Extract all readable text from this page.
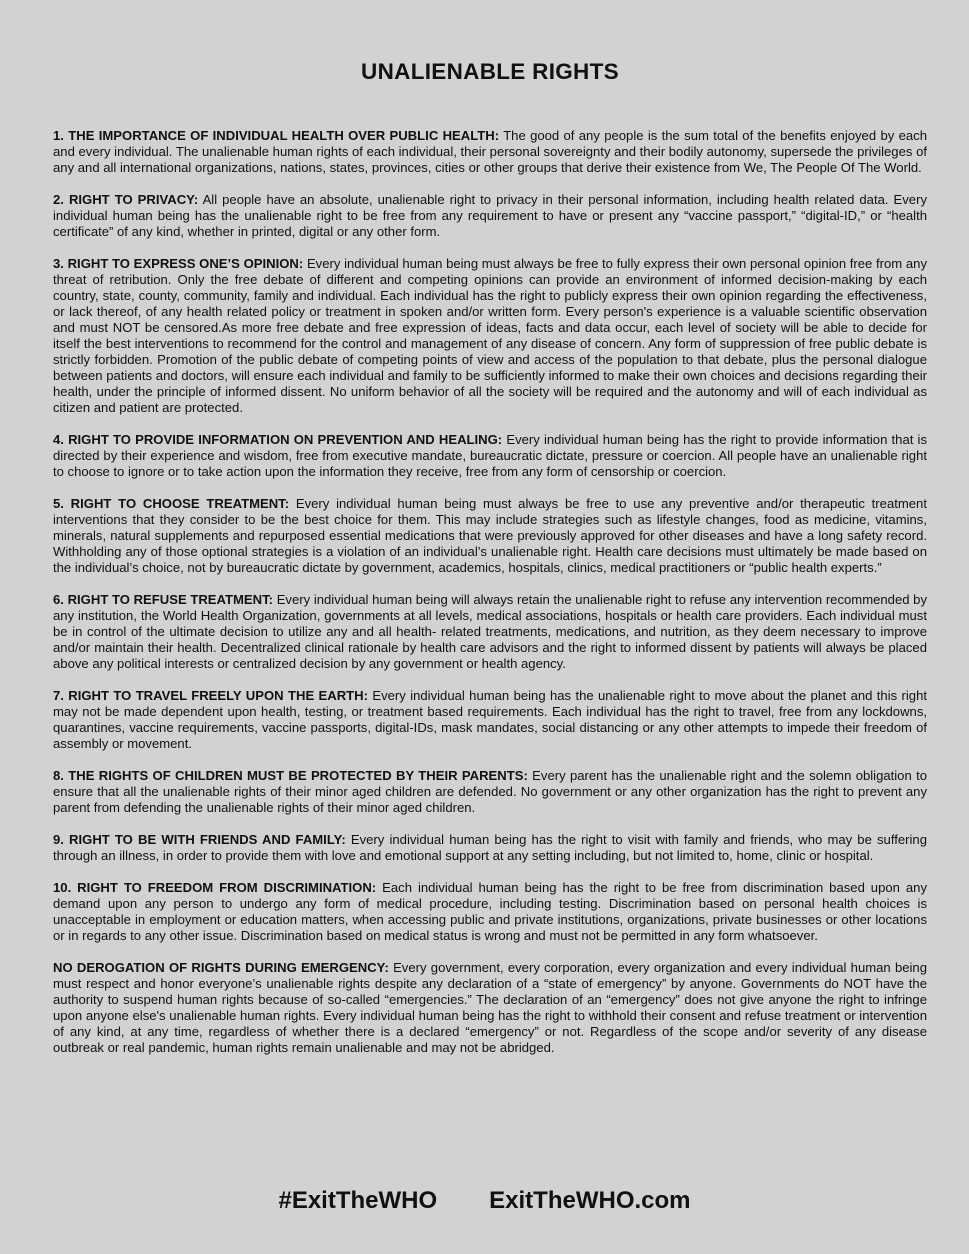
UNALIENABLE RIGHTS

1. THE IMPORTANCE OF INDIVIDUAL HEALTH OVER PUBLIC HEALTH: The good of any people is the sum total of the benefits enjoyed by each and every individual. The unalienable human rights of each individual, their personal sovereignty and their bodily autonomy, supersede the privileges of any and all international organizations, nations, states, provinces, cities or other groups that derive their existence from We, The People Of The World.

2. RIGHT TO PRIVACY: All people have an absolute, unalienable right to privacy in their personal information, including health related data. Every individual human being has the unalienable right to be free from any requirement to have or present any “vaccine passport,” “digital-ID,” or “health certificate” of any kind, whether in printed, digital or any other form.

3. RIGHT TO EXPRESS ONE’S OPINION: Every individual human being must always be free to fully express their own personal opinion free from any threat of retribution. Only the free debate of different and competing opinions can provide an environment of informed decision-making by each country, state, county, community, family and individual. Each individual has the right to publicly express their own opinion regarding the effectiveness, or lack thereof, of any health related policy or treatment in spoken and/or written form. Every person's experience is a valuable scientific observation and must NOT be censored.As more free debate and free expression of ideas, facts and data occur, each level of society will be able to decide for itself the best interventions to recommend for the control and management of any disease of concern. Any form of suppression of free public debate is strictly forbidden. Promotion of the public debate of competing points of view and access of the population to that debate, plus the personal dialogue between patients and doctors, will ensure each individual and family to be sufficiently informed to make their own choices and decisions regarding their health, under the principle of informed dissent. No uniform behavior of all the society will be required and the autonomy and will of each individual as citizen and patient are protected.

4. RIGHT TO PROVIDE INFORMATION ON PREVENTION AND HEALING: Every individual human being has the right to provide information that is directed by their experience and wisdom, free from executive mandate, bureaucratic dictate, pressure or coercion. All people have an unalienable right to choose to ignore or to take action upon the information they receive, free from any form of censorship or coercion.

5. RIGHT TO CHOOSE TREATMENT: Every individual human being must always be free to use any preventive and/or therapeutic treatment interventions that they consider to be the best choice for them. This may include strategies such as lifestyle changes, food as medicine, vitamins, minerals, natural supplements and repurposed essential medications that were previously approved for other diseases and have a long safety record. Withholding any of those optional strategies is a violation of an individual’s unalienable right. Health care decisions must ultimately be made based on the individual’s choice, not by bureaucratic dictate by government, academics, hospitals, clinics, medical practitioners or “public health experts.”

6. RIGHT TO REFUSE TREATMENT: Every individual human being will always retain the unalienable right to refuse any intervention recommended by any institution, the World Health Organization, governments at all levels, medical associations, hospitals or health care providers. Each individual must be in control of the ultimate decision to utilize any and all health- related treatments, medications, and nutrition, as they deem necessary to improve and/or maintain their health. Decentralized clinical rationale by health care advisors and the right to informed dissent by patients will always be placed above any political interests or centralized decision by any government or health agency.

7. RIGHT TO TRAVEL FREELY UPON THE EARTH: Every individual human being has the unalienable right to move about the planet and this right may not be made dependent upon health, testing, or treatment based requirements. Each individual has the right to travel, free from any lockdowns, quarantines, vaccine requirements, vaccine passports, digital-IDs, mask mandates, social distancing or any other attempts to impede their freedom of assembly or movement.

8. THE RIGHTS OF CHILDREN MUST BE PROTECTED BY THEIR PARENTS: Every parent has the unalienable right and the solemn obligation to ensure that all the unalienable rights of their minor aged children are defended. No government or any other organization has the right to prevent any parent from defending the unalienable rights of their minor aged children.

9. RIGHT TO BE WITH FRIENDS AND FAMILY: Every individual human being has the right to visit with family and friends, who may be suffering through an illness, in order to provide them with love and emotional support at any setting including, but not limited to, home, clinic or hospital.

10. RIGHT TO FREEDOM FROM DISCRIMINATION: Each individual human being has the right to be free from discrimination based upon any demand upon any person to undergo any form of medical procedure, including testing. Discrimination based on personal health choices is unacceptable in employment or education matters, when accessing public and private institutions, organizations, private businesses or other locations or in regards to any other issue. Discrimination based on medical status is wrong and must not be permitted in any form whatsoever.

NO DEROGATION OF RIGHTS DURING EMERGENCY: Every government, every corporation, every organization and every individual human being must respect and honor everyone’s unalienable rights despite any declaration of a “state of emergency” by anyone. Governments do NOT have the authority to suspend human rights because of so-called “emergencies.” The declaration of an “emergency” does not give anyone the right to infringe upon anyone else's unalienable human rights. Every individual human being has the right to withhold their consent and refuse treatment or intervention of any kind, at any time, regardless of whether there is a declared “emergency” or not. Regardless of the scope and/or severity of any disease outbreak or real pandemic, human rights remain unalienable and may not be abridged.

#ExitTheWHO ExitTheWHO.com
